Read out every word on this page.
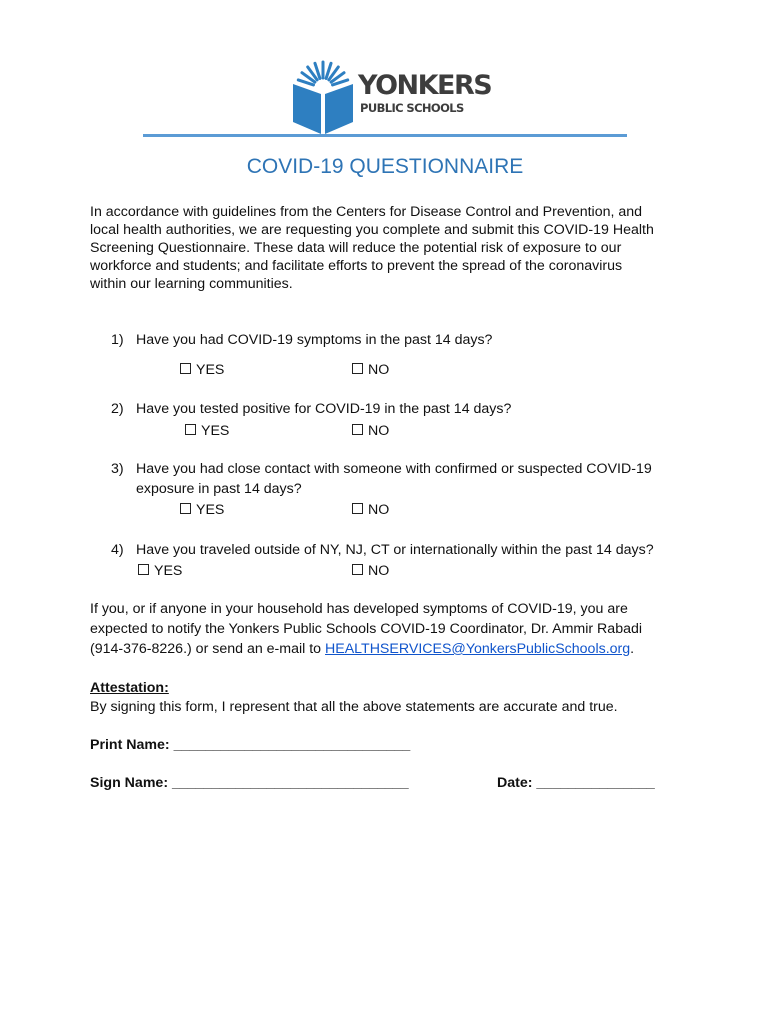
YONKERS
PUBLIC SCHOOLS
COVID-19 QUESTIONNAIRE
In accordance with guidelines from the Centers for Disease Control and Prevention, and
local health authorities, we are requesting you complete and submit this COVID-19 Health
Screening Questionnaire. These data will reduce the potential risk of exposure to our
workforce and students; and facilitate efforts to prevent the spread of the coronavirus
within our learning communities.
1) Have you had COVID-19 symptoms in the past 14 days?
YES	NO
2) Have you tested positive for COVID-19 in the past 14 days?
YES	NO
3) Have you had close contact with someone with confirmed or suspected COVID-19
exposure in past 14 days?
YES	NO
4) Have you traveled outside of NY, NJ, CT or internationally within the past 14 days?
YES	NO
If you, or if anyone in your household has developed symptoms of COVID-19, you are
expected to notify the Yonkers Public Schools COVID-19 Coordinator, Dr. Ammir Rabadi
(914-376-8226.) or send an e-mail to HEALTHSERVICES@YonkersPublicSchools.org.
Attestation:
By signing this form, I represent that all the above statements are accurate and true.
Print Name: ______________________________
Sign Name: ______________________________	Date: _______________
